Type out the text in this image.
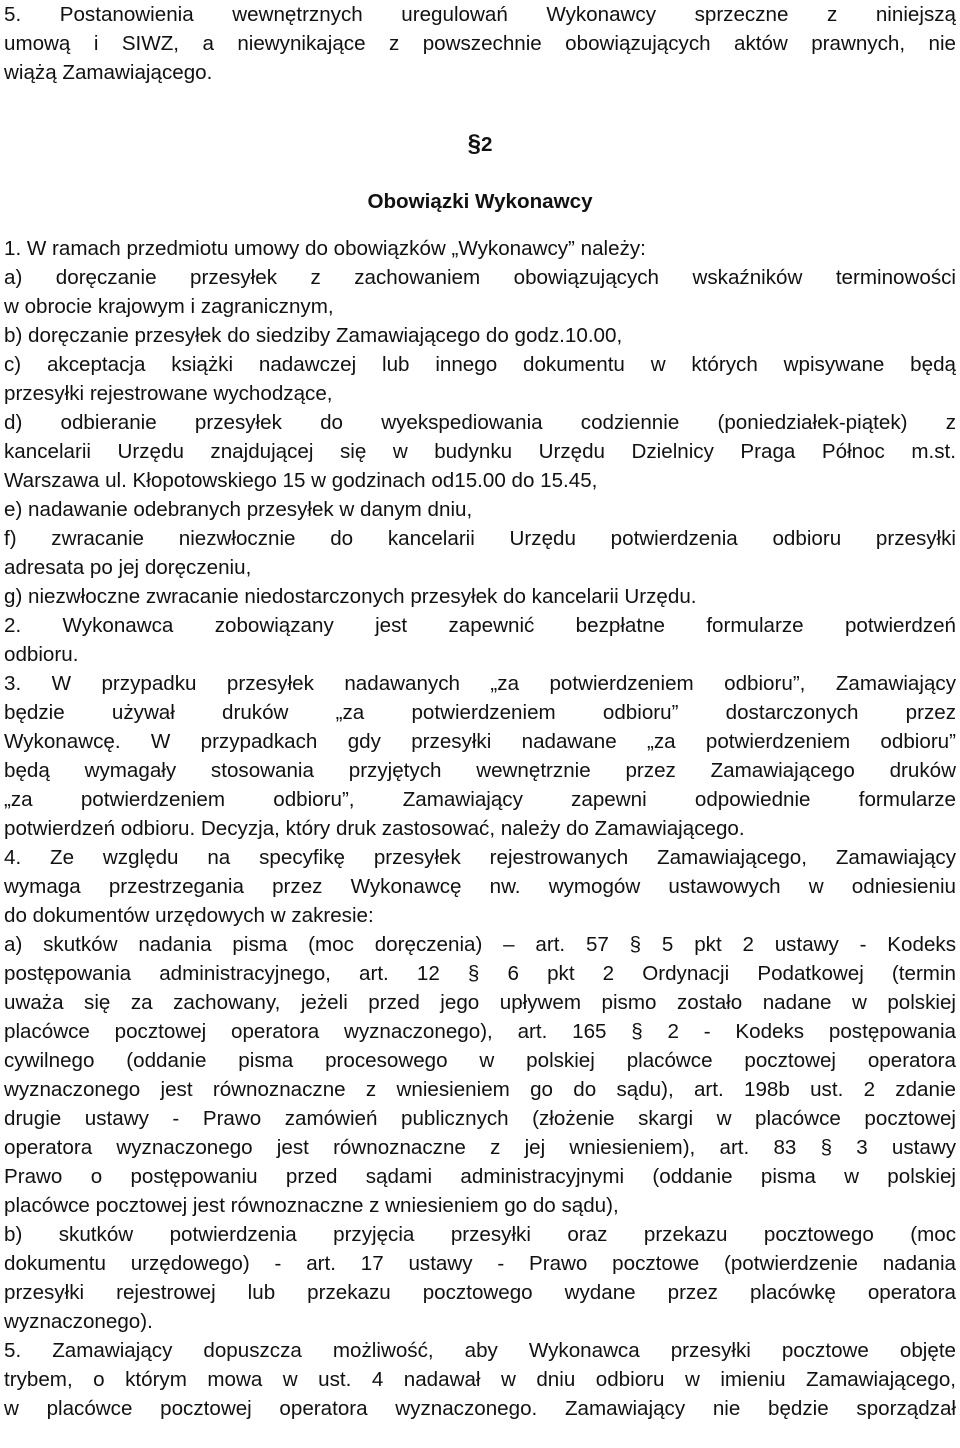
5. Postanowienia wewnętrznych uregulowań Wykonawcy sprzeczne z niniejszą
umową i SIWZ, a niewynikające z powszechnie obowiązujących aktów prawnych, nie
wiążą Zamawiającego.
§2
Obowiązki Wykonawcy
1. W ramach przedmiotu umowy do obowiązków „Wykonawcy” należy:
a) doręczanie przesyłek z zachowaniem obowiązujących wskaźników terminowości
w obrocie krajowym i zagranicznym,
b) doręczanie przesyłek do siedziby Zamawiającego do godz.10.00,
c) akceptacja książki nadawczej lub innego dokumentu w których wpisywane będą
przesyłki rejestrowane wychodzące,
d) odbieranie przesyłek do wyekspediowania codziennie (poniedziałek-piątek) z
kancelarii Urzędu znajdującej się w budynku Urzędu Dzielnicy Praga Północ m.st.
Warszawa ul. Kłopotowskiego 15 w godzinach od15.00 do 15.45,
e) nadawanie odebranych przesyłek w danym dniu,
f) zwracanie niezwłocznie do kancelarii Urzędu potwierdzenia odbioru przesyłki
adresata po jej doręczeniu,
g) niezwłoczne zwracanie niedostarczonych przesyłek do kancelarii Urzędu.
2. Wykonawca zobowiązany jest zapewnić bezpłatne formularze potwierdzeń
odbioru.
3. W przypadku przesyłek nadawanych „za potwierdzeniem odbioru”, Zamawiający
będzie używał druków „za potwierdzeniem odbioru” dostarczonych przez
Wykonawcę. W przypadkach gdy przesyłki nadawane „za potwierdzeniem odbioru”
będą wymagały stosowania przyjętych wewnętrznie przez Zamawiającego druków
„za potwierdzeniem odbioru”, Zamawiający zapewni odpowiednie formularze
potwierdzeń odbioru. Decyzja, który druk zastosować, należy do Zamawiającego.
4. Ze względu na specyfikę przesyłek rejestrowanych Zamawiającego, Zamawiający
wymaga przestrzegania przez Wykonawcę nw. wymogów ustawowych w odniesieniu
do dokumentów urzędowych w zakresie:
a) skutków nadania pisma (moc doręczenia) – art. 57 § 5 pkt 2 ustawy - Kodeks
postępowania administracyjnego, art. 12 § 6 pkt 2 Ordynacji Podatkowej (termin
uważa się za zachowany, jeżeli przed jego upływem pismo zostało nadane w polskiej
placówce pocztowej operatora wyznaczonego), art. 165 § 2 - Kodeks postępowania
cywilnego (oddanie pisma procesowego w polskiej placówce pocztowej operatora
wyznaczonego jest równoznaczne z wniesieniem go do sądu), art. 198b ust. 2 zdanie
drugie ustawy - Prawo zamówień publicznych (złożenie skargi w placówce pocztowej
operatora wyznaczonego jest równoznaczne z jej wniesieniem), art. 83 § 3 ustawy
Prawo o postępowaniu przed sądami administracyjnymi (oddanie pisma w polskiej
placówce pocztowej jest równoznaczne z wniesieniem go do sądu),
b) skutków potwierdzenia przyjęcia przesyłki oraz przekazu pocztowego (moc
dokumentu urzędowego) - art. 17 ustawy - Prawo pocztowe (potwierdzenie nadania
przesyłki rejestrowej lub przekazu pocztowego wydane przez placówkę operatora
wyznaczonego).
5. Zamawiający dopuszcza możliwość, aby Wykonawca przesyłki pocztowe objęte
trybem, o którym mowa w ust. 4 nadawał w dniu odbioru w imieniu Zamawiającego,
w placówce pocztowej operatora wyznaczonego. Zamawiający nie będzie sporządzał
